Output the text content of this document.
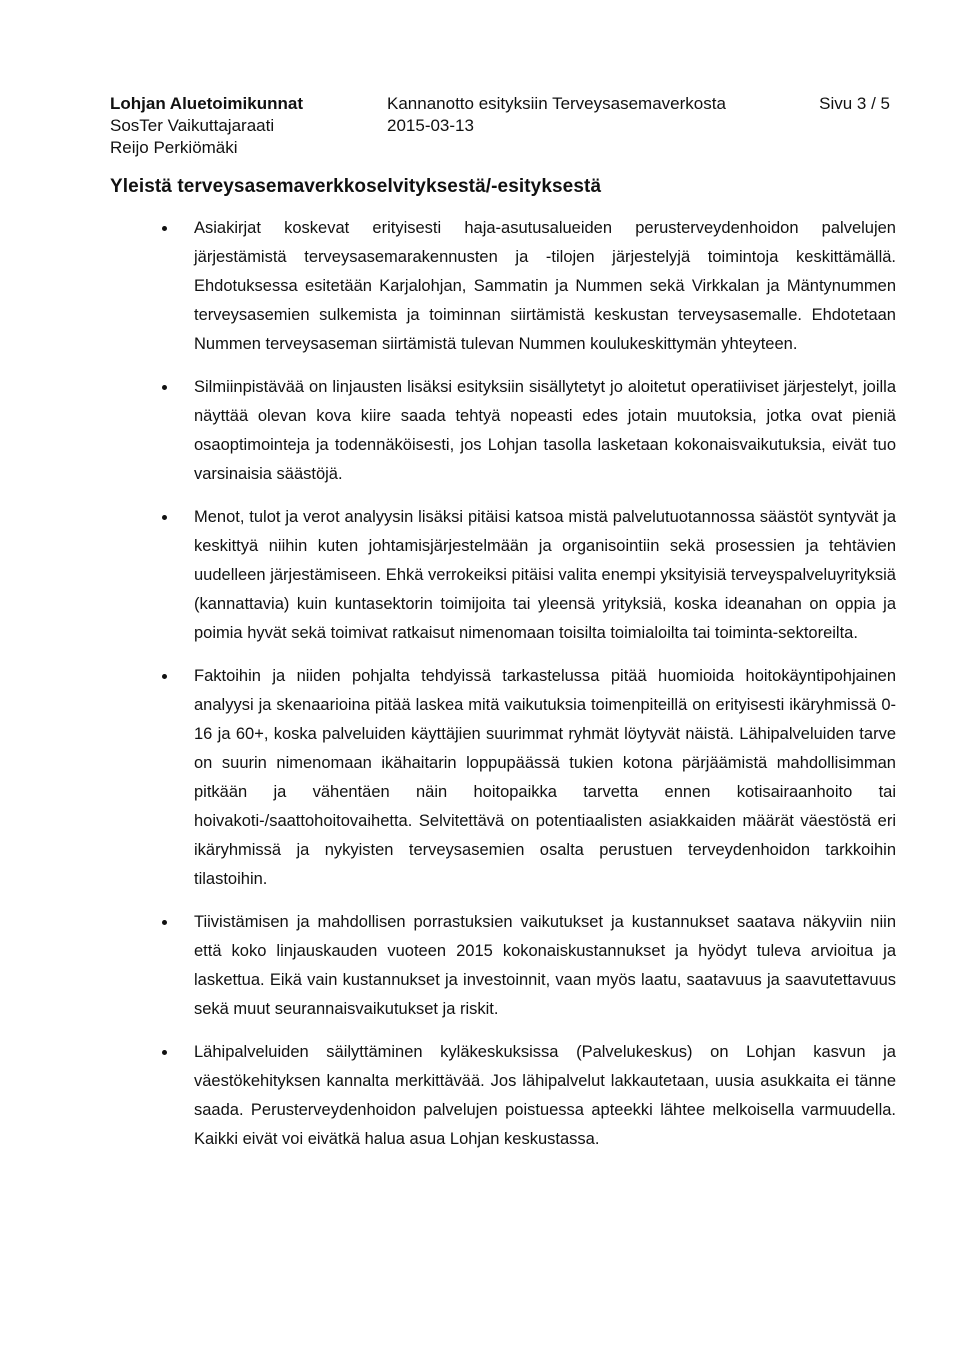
Lohjan Aluetoimikunnat
SosTer Vaikuttajaraati
Reijo Perkiömäki
Kannanotto esityksiin Terveysasemaverkosta
2015-03-13
Sivu 3 / 5
Yleistä terveysasemaverkkoselvityksestä/-esityksestä
Asiakirjat koskevat erityisesti haja-asutusalueiden perusterveydenhoidon palvelujen järjestämistä terveysasemarakennusten ja -tilojen järjestelyjä toimintoja keskittämällä. Ehdotuksessa esitetään Karjalohjan, Sammatin ja Nummen sekä Virkkalan ja Mäntynummen terveysasemien sulkemista ja toiminnan siirtämistä keskustan terveysasemalle. Ehdotetaan Nummen terveysaseman siirtämistä tulevan Nummen koulukeskittymän yhteyteen.
Silmiinpistävää on linjausten lisäksi esityksiin sisällytetyt jo aloitetut operatiiviset järjestelyt, joilla näyttää olevan kova kiire saada tehtyä nopeasti edes jotain muutoksia, jotka ovat pieniä osaoptimointeja ja todennäköisesti, jos Lohjan tasolla lasketaan kokonaisvaikutuksia, eivät tuo varsinaisia säästöjä.
Menot, tulot ja verot analyysin lisäksi pitäisi katsoa mistä palvelutuotannossa säästöt syntyvät ja keskittyä niihin kuten johtamisjärjestelmään ja organisointiin sekä prosessien ja tehtävien uudelleen järjestämiseen. Ehkä verrokeiksi pitäisi valita enempi yksityisiä terveyspalveluyrityksiä (kannattavia) kuin kuntasektorin toimijoita tai yleensä yrityksiä, koska ideanahan on oppia ja poimia hyvät sekä toimivat ratkaisut nimenomaan toisilta toimialoilta tai toiminta-sektoreilta.
Faktoihin ja niiden pohjalta tehdyissä tarkastelussa pitää huomioida hoitokäyntipohjainen analyysi ja skenaarioina pitää laskea mitä vaikutuksia toimenpiteillä on erityisesti ikäryhmissä 0-16 ja 60+, koska palveluiden käyttäjien suurimmat ryhmät löytyvät näistä. Lähipalveluiden tarve on suurin nimenomaan ikähaitarin loppupäässä tukien kotona pärjäämistä mahdollisimman pitkään ja vähentäen näin hoitopaikka tarvetta ennen kotisairaanhoito tai hoivakoti-/saattohoitovaihetta. Selvitettävä on potentiaalisten asiakkaiden määrät väestöstä eri ikäryhmissä ja nykyisten terveysasemien osalta perustuen terveydenhoidon tarkkoihin tilastoihin.
Tiivistämisen ja mahdollisen porrastuksien vaikutukset ja kustannukset saatava näkyviin niin että koko linjauskauden vuoteen 2015 kokonaiskustannukset ja hyödyt tuleva arvioitua ja laskettua. Eikä vain kustannukset ja investoinnit, vaan myös laatu, saatavuus ja saavutettavuus sekä muut seurannaisvaikutukset ja riskit.
Lähipalveluiden säilyttäminen kyläkeskuksissa (Palvelukeskus) on Lohjan kasvun ja väestökehityksen kannalta merkittävää. Jos lähipalvelut lakkautetaan, uusia asukkaita ei tänne saada. Perusterveydenhoidon palvelujen poistuessa apteekki lähtee melkoisella varmuudella. Kaikki eivät voi eivätkä halua asua Lohjan keskustassa.
